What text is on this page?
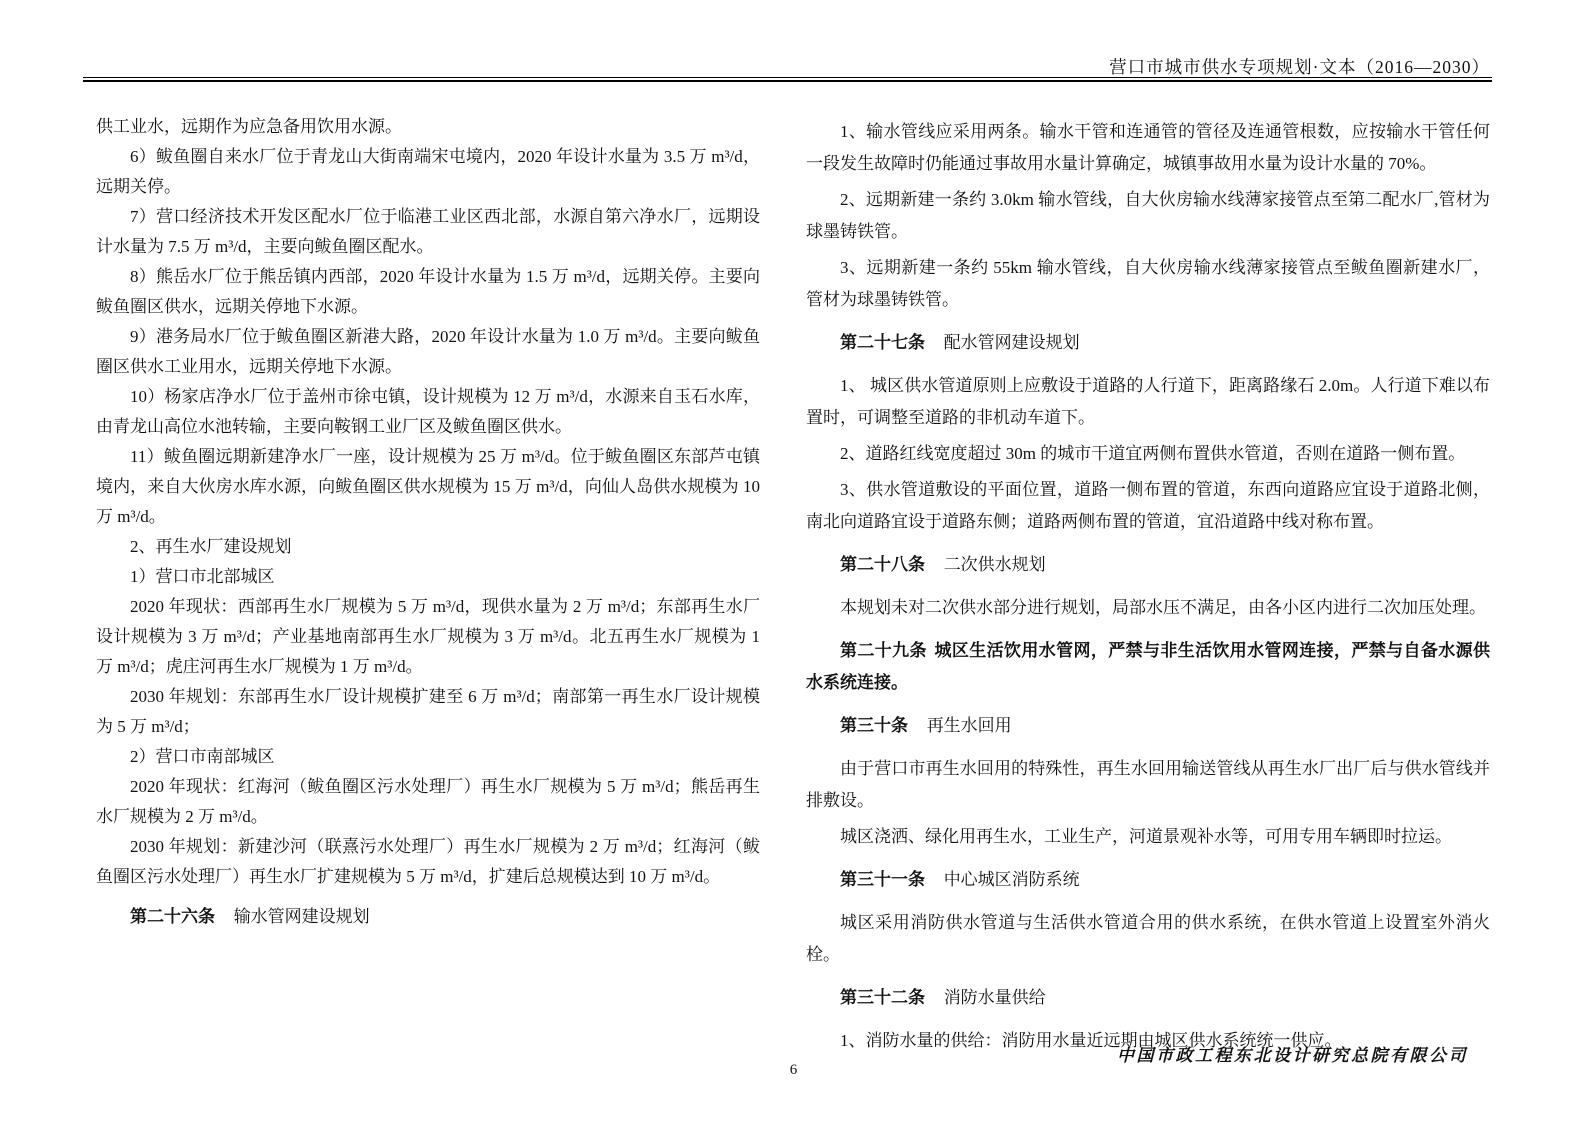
营口市城市供水专项规划·文本（2016—2030）

供工业水，远期作为应急备用饮用水源。

6）鲅鱼圈自来水厂位于青龙山大街南端宋屯境内，2020 年设计水量为 3.5 万 m³/d，远期关停。

7）营口经济技术开发区配水厂位于临港工业区西北部，水源自第六净水厂，远期设计水量为 7.5 万 m³/d，主要向鲅鱼圈区配水。

8）熊岳水厂位于熊岳镇内西部，2020 年设计水量为 1.5 万 m³/d，远期关停。主要向鲅鱼圈区供水，远期关停地下水源。

9）港务局水厂位于鲅鱼圈区新港大路，2020 年设计水量为 1.0 万 m³/d。主要向鲅鱼圈区供水工业用水，远期关停地下水源。

10）杨家店净水厂位于盖州市徐屯镇，设计规模为 12 万 m³/d，水源来自玉石水库，由青龙山高位水池转输，主要向鞍钢工业厂区及鲅鱼圈区供水。

11）鲅鱼圈远期新建净水厂一座，设计规模为 25 万 m³/d。位于鲅鱼圈区东部芦屯镇境内，来自大伙房水库水源，向鲅鱼圈区供水规模为 15 万 m³/d，向仙人岛供水规模为 10 万 m³/d。

2、再生水厂建设规划

1）营口市北部城区

2020 年现状：西部再生水厂规模为 5 万 m³/d，现供水量为 2 万 m³/d；东部再生水厂设计规模为 3 万 m³/d；产业基地南部再生水厂规模为 3 万 m³/d。北五再生水厂规模为 1 万 m³/d；虎庄河再生水厂规模为 1 万 m³/d。

2030 年规划：东部再生水厂设计规模扩建至 6 万 m³/d；南部第一再生水厂设计规模为 5 万 m³/d；

2）营口市南部城区

2020 年现状：红海河（鲅鱼圈区污水处理厂）再生水厂规模为 5 万 m³/d；熊岳再生水厂规模为 2 万 m³/d。

2030 年规划：新建沙河（联熹污水处理厂）再生水厂规模为 2 万 m³/d；红海河（鲅鱼圈区污水处理厂）再生水厂扩建规模为 5 万 m³/d，扩建后总规模达到 10 万 m³/d。

第二十六条 输水管网建设规划

1、输水管线应采用两条。输水干管和连通管的管径及连通管根数，应按输水干管任何一段发生故障时仍能通过事故用水量计算确定，城镇事故用水量为设计水量的 70%。

2、远期新建一条约 3.0km 输水管线，自大伙房输水线薄家接管点至第二配水厂,管材为球墨铸铁管。

3、远期新建一条约 55km 输水管线，自大伙房输水线薄家接管点至鲅鱼圈新建水厂，管材为球墨铸铁管。

第二十七条 配水管网建设规划

1、 城区供水管道原则上应敷设于道路的人行道下，距离路缘石 2.0m。人行道下难以布置时，可调整至道路的非机动车道下。

2、道路红线宽度超过 30m 的城市干道宜两侧布置供水管道，否则在道路一侧布置。

3、供水管道敷设的平面位置，道路一侧布置的管道，东西向道路应宜设于道路北侧，南北向道路宜设于道路东侧；道路两侧布置的管道，宜沿道路中线对称布置。

第二十八条 二次供水规划

本规划未对二次供水部分进行规划，局部水压不满足，由各小区内进行二次加压处理。

第二十九条 城区生活饮用水管网，严禁与非生活饮用水管网连接，严禁与自备水源供水系统连接。

第三十条 再生水回用

由于营口市再生水回用的特殊性，再生水回用输送管线从再生水厂出厂后与供水管线并排敷设。

城区浇洒、绿化用再生水，工业生产，河道景观补水等，可用专用车辆即时拉运。

第三十一条 中心城区消防系统

城区采用消防供水管道与生活供水管道合用的供水系统，在供水管道上设置室外消火栓。

第三十二条 消防水量供给

1、消防水量的供给：消防用水量近远期由城区供水系统统一供应。

中国市政工程东北设计研究总院有限公司
6
